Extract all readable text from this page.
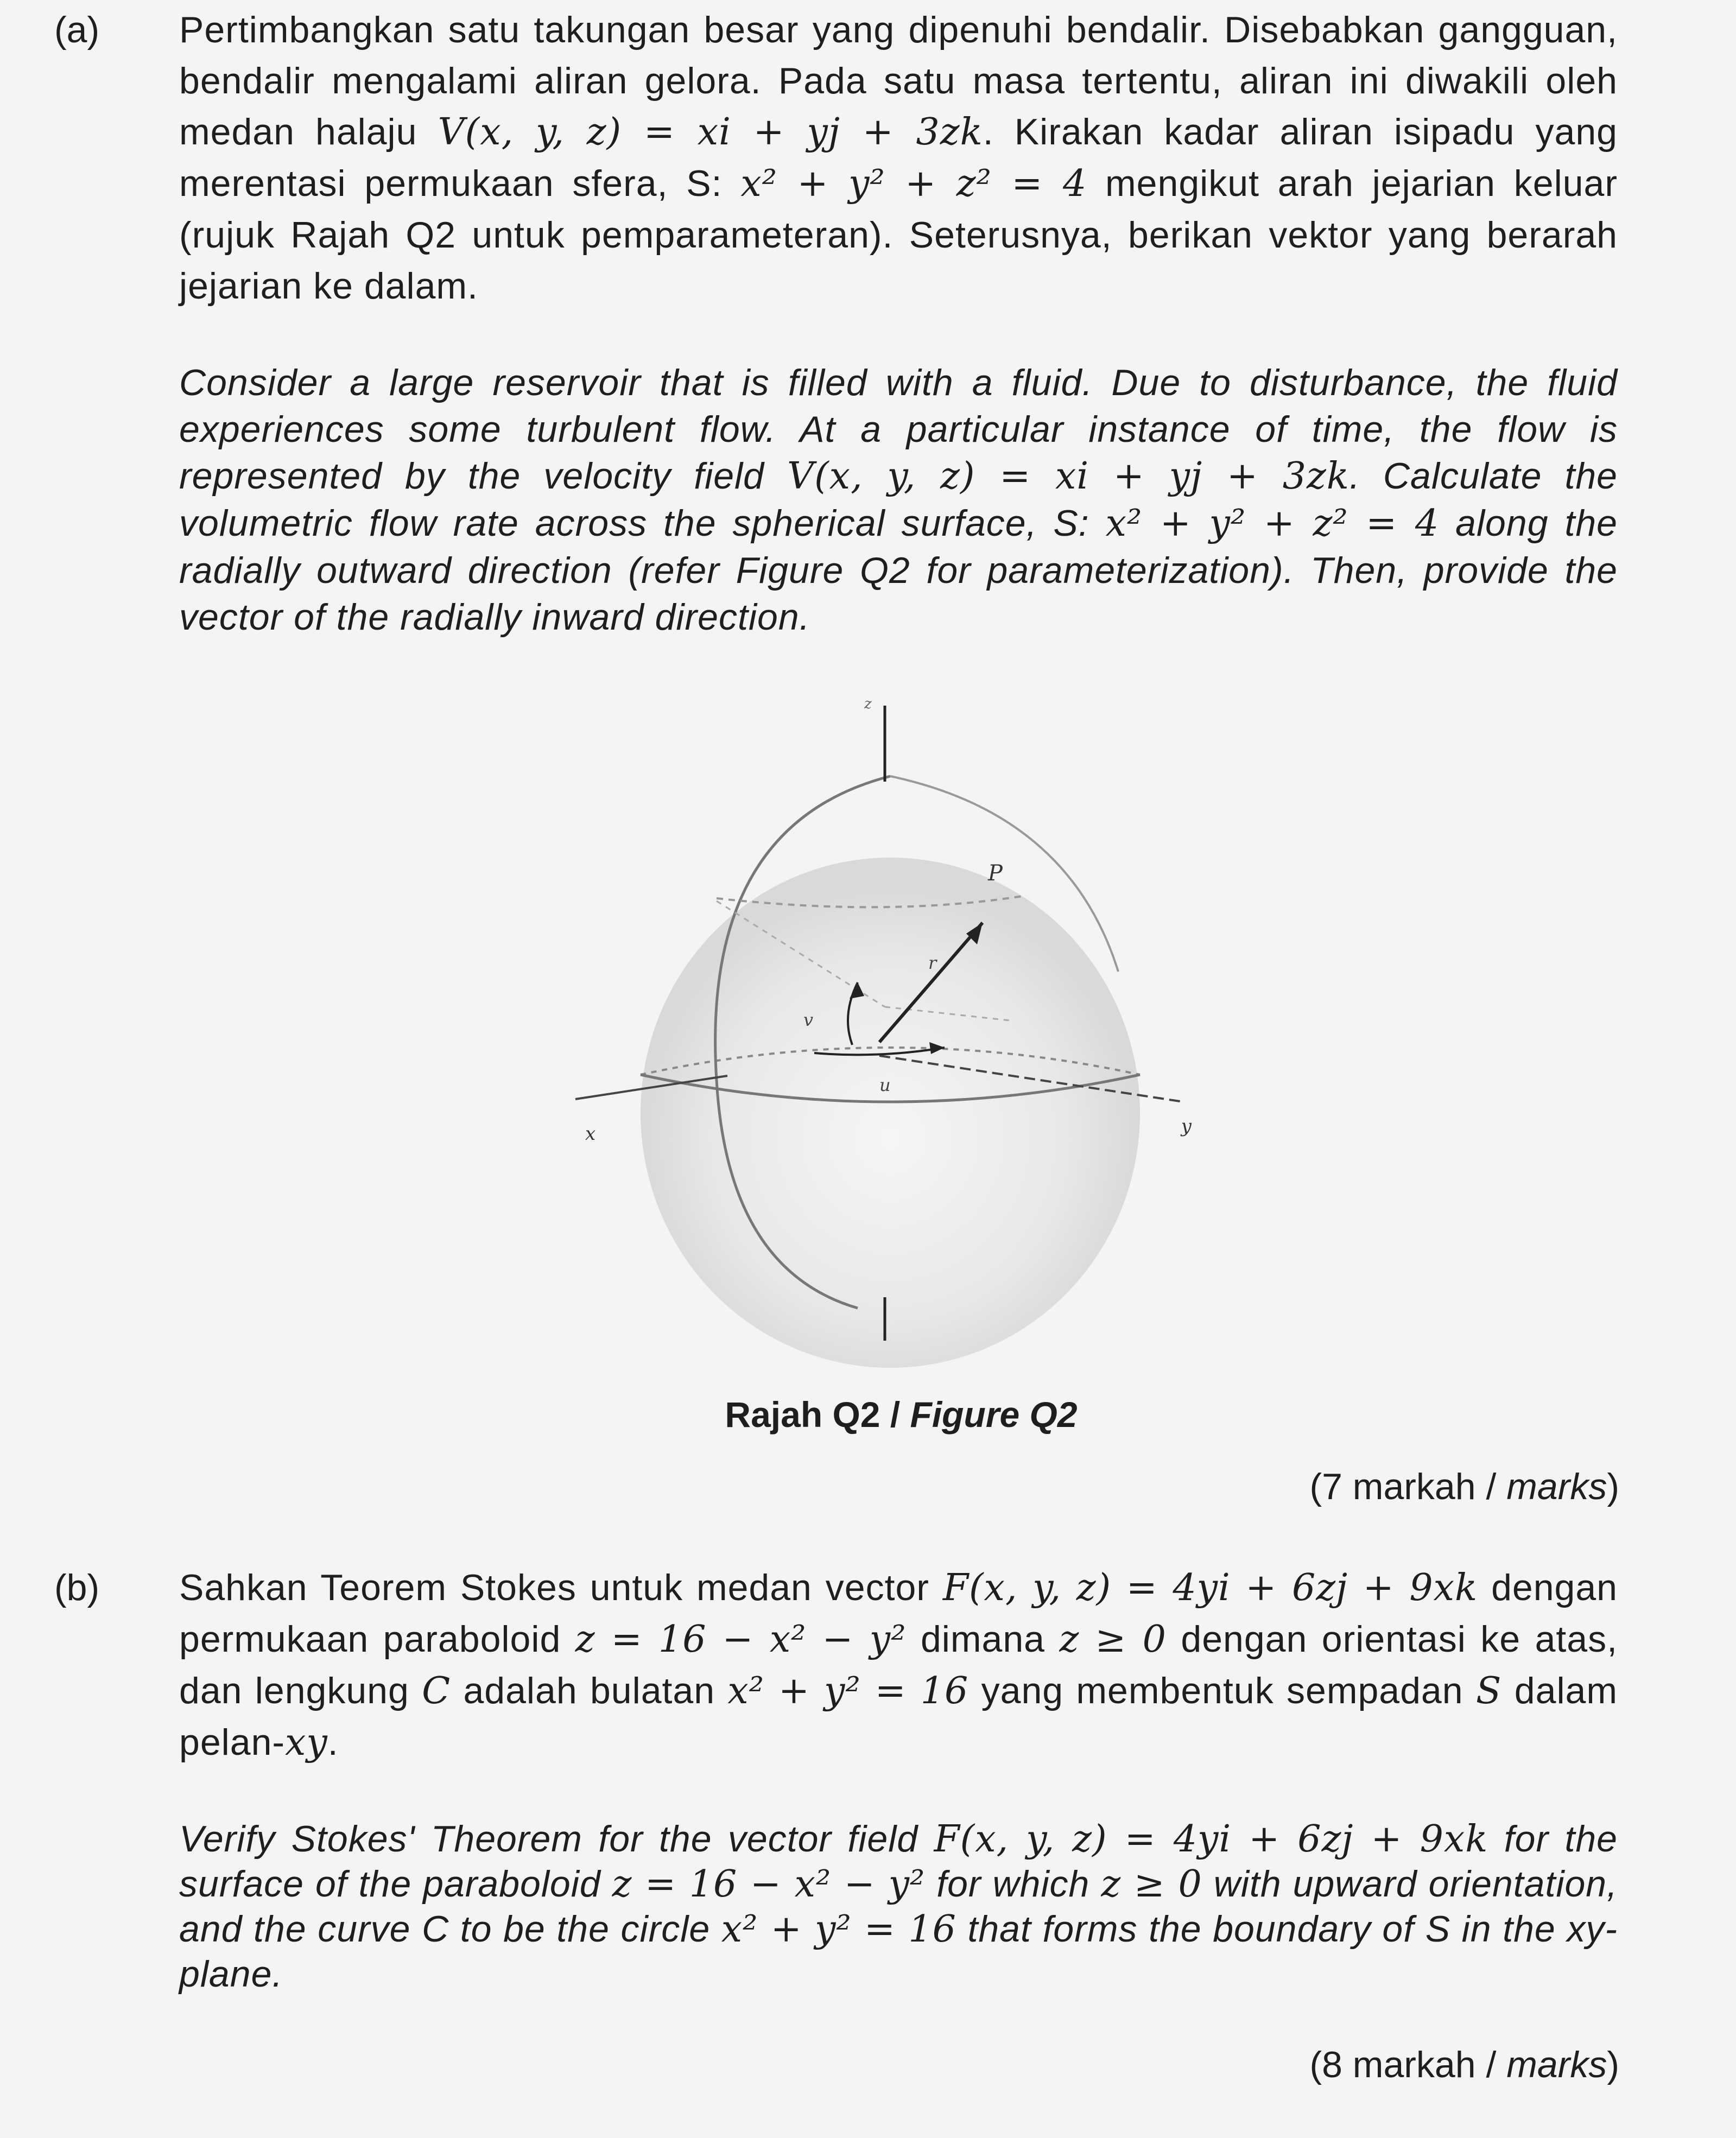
(a) Pertimbangkan satu takungan besar yang dipenuhi bendalir. Disebabkan gangguan, bendalir mengalami aliran gelora. Pada satu masa tertentu, aliran ini diwakili oleh medan halaju V(x, y, z) = xi + yj + 3zk. Kirakan kadar aliran isipadu yang merentasi permukaan sfera, S: x² + y² + z² = 4 mengikut arah jejarian keluar (rujuk Rajah Q2 untuk pemparameteran). Seterusnya, berikan vektor yang berarah jejarian ke dalam.

Consider a large reservoir that is filled with a fluid. Due to disturbance, the fluid experiences some turbulent flow. At a particular instance of time, the flow is represented by the velocity field V(x, y, z) = xi + yj + 3zk. Calculate the volumetric flow rate across the spherical surface, S: x² + y² + z² = 4 along the radially outward direction (refer Figure Q2 for parameterization). Then, provide the vector of the radially inward direction.

z
x	y
P
r
v
u
Rajah Q2 / Figure Q2
(7 markah / marks)
(b) Sahkan Teorem Stokes untuk medan vector F(x, y, z) = 4yi + 6zj + 9xk dengan permukaan paraboloid z = 16 − x² − y² dimana z ≥ 0 dengan orientasi ke atas, dan lengkung C adalah bulatan x² + y² = 16 yang membentuk sempadan S dalam pelan-xy.

Verify Stokes' Theorem for the vector field F(x, y, z) = 4yi + 6zj + 9xk for the surface of the paraboloid z = 16 − x² − y² for which z ≥ 0 with upward orientation, and the curve C to be the circle x² + y² = 16 that forms the boundary of S in the xy-plane.

(8 markah / marks)
